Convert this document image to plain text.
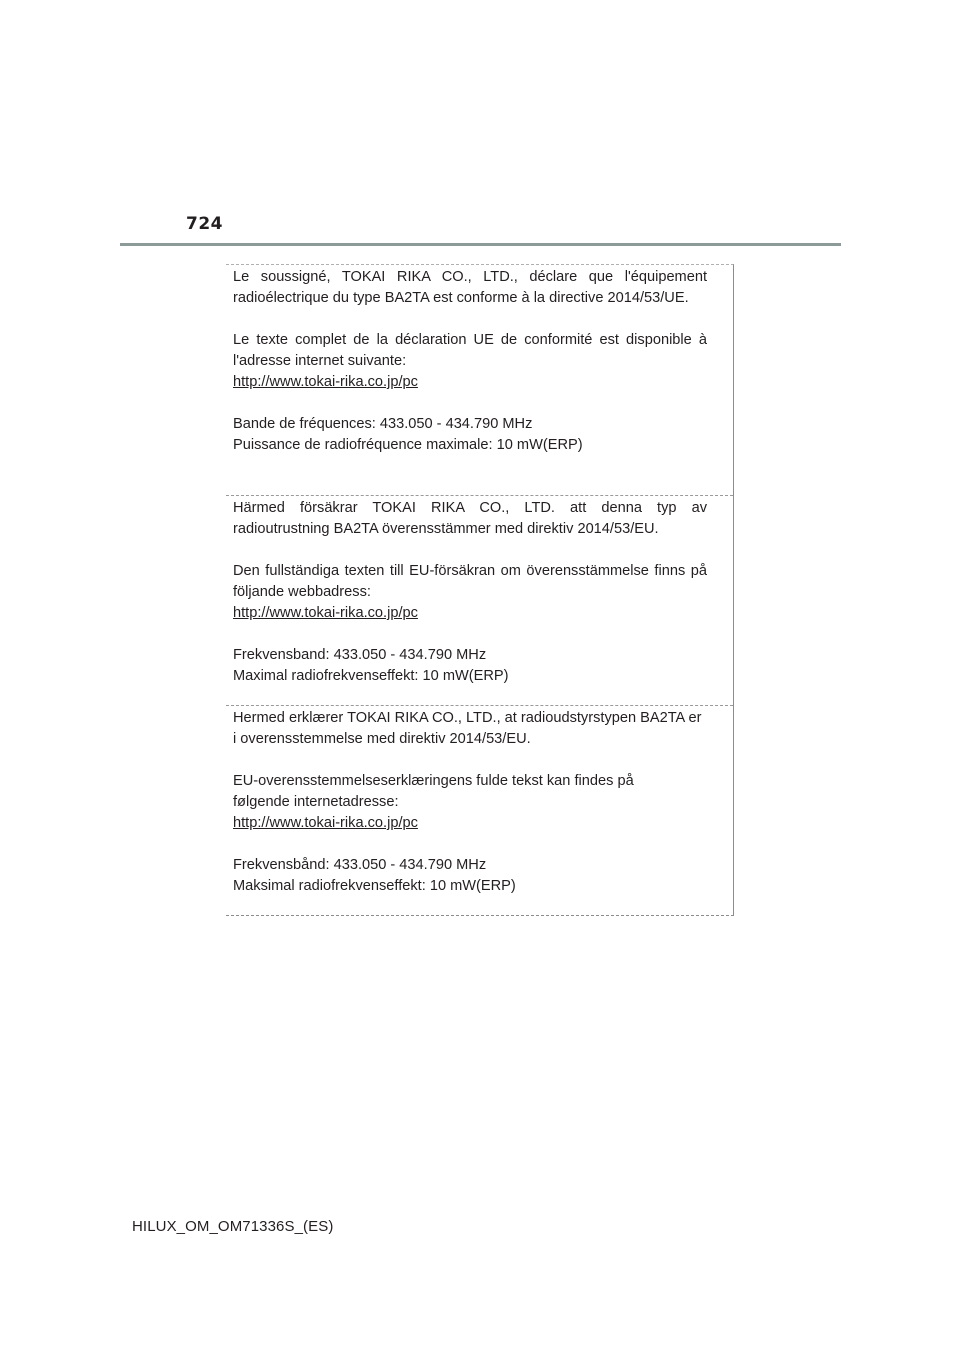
724

Le soussigné, TOKAI RIKA CO., LTD., déclare que l'équipement radioélectrique du type BA2TA est conforme à la directive 2014/53/UE.

Le texte complet de la déclaration UE de conformité est disponible à l'adresse internet suivante:
http://www.tokai-rika.co.jp/pc

Bande de fréquences: 433.050 - 434.790 MHz
Puissance de radiofréquence maximale: 10 mW(ERP)

Härmed försäkrar TOKAI RIKA CO., LTD. att denna typ av radioutrustning BA2TA överensstämmer med direktiv 2014/53/EU.

Den fullständiga texten till EU-försäkran om överensstämmelse finns på följande webbadress:
http://www.tokai-rika.co.jp/pc

Frekvensband: 433.050 - 434.790 MHz
Maximal radiofrekvenseffekt: 10 mW(ERP)

Hermed erklærer TOKAI RIKA CO., LTD., at radioudstyrstypen BA2TA er i overensstemmelse med direktiv 2014/53/EU.

EU-overensstemmelseserklæringens fulde tekst kan findes på følgende internetadresse:
http://www.tokai-rika.co.jp/pc

Frekvensbånd: 433.050 - 434.790 MHz
Maksimal radiofrekvenseffekt: 10 mW(ERP)

HILUX_OM_OM71336S_(ES)
